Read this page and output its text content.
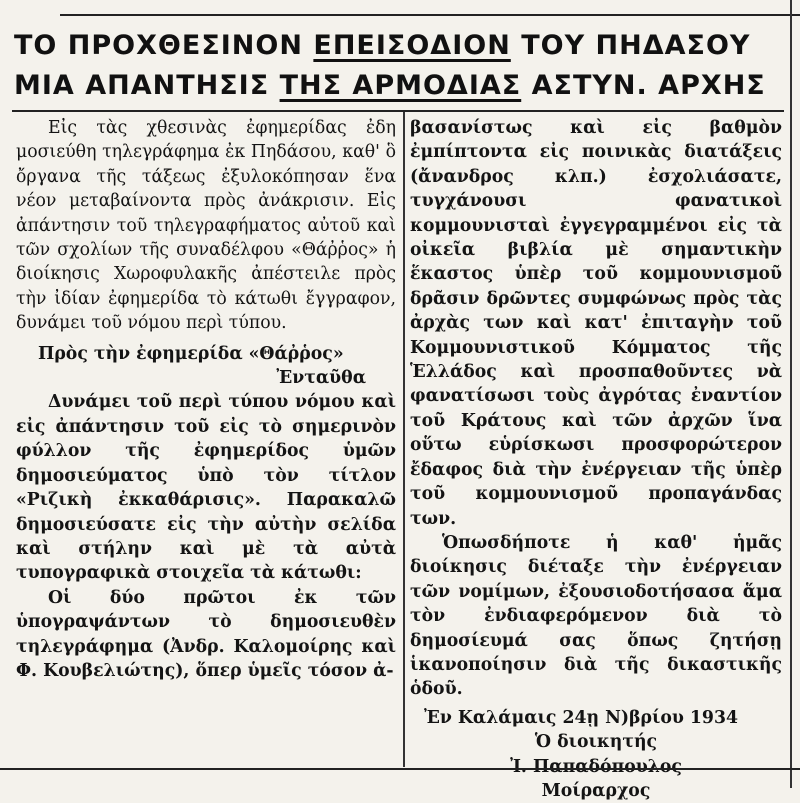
ΤΟ ΠΡΟΧΘΕΣΙΝΟΝ ΕΠΕΙΣΟΔΙΟΝ ΤΟΥ ΠΗΔΑΣΟΥ
ΜΙΑ ΑΠΑΝΤΗΣΙΣ ΤΗΣ ΑΡΜΟΔΙΑΣ ΑΣΤΥΝ. ΑΡΧΗΣ

Εἰς τὰς χθεσινὰς ἐφημερίδας ἐδη μοσιεύθη τηλεγράφημα ἐκ Πηδάσου, καθ' ὃ ὄργανα τῆς τάξεως ἐξυλοκόπησαν ἕνα νέον μεταβαίνοντα πρὸς ἀνάκρισιν. Εἰς ἀπάντησιν τοῦ τηλεγραφήματος αὐτοῦ καὶ τῶν σχολίων τῆς συναδέλφου «Θάῤῥος» ἡ διοίκησις Χωροφυλακῆς ἀπέστειλε πρὸς τὴν ἰδίαν ἐφημερίδα τὸ κάτωθι ἔγγραφον, δυνάμει τοῦ νόμου περὶ τύπου.

Πρὸς τὴν ἐφημερίδα «Θάῤῥος»

Ἐνταῦθα

Δυνάμει τοῦ περὶ τύπου νόμου καὶ εἰς ἀπάντησιν τοῦ εἰς τὸ σημερινὸν φύλλον τῆς ἐφημερίδος ὑμῶν δημοσιεύματος ὑπὸ τὸν τίτλον «Ριζικὴ ἐκκαθάρισις». Παρακαλῶ δημοσιεύσατε εἰς τὴν αὐτὴν σελίδα καὶ στήλην καὶ μὲ τὰ αὐτὰ τυπογραφικὰ στοιχεῖα τὰ κάτωθι:

Οἱ δύο πρῶτοι ἐκ τῶν ὑπογραψάντων τὸ δημοσιευθὲν τηλεγράφημα (Ἀνδρ. Καλομοίρης καὶ Φ. Κουβελιώτης), ὅπερ ὑμεῖς τόσον ἀ-

βασανίστως καὶ εἰς βαθμὸν ἐμπίπτοντα εἰς ποινικὰς διατάξεις (ἄνανδρος κλπ.) ἐσχολιάσατε, τυγχάνουσι φανατικοὶ κομμουνισταὶ ἐγγεγραμμένοι εἰς τὰ οἰκεῖα βιβλία μὲ σημαντικὴν ἕκαστος ὑπὲρ τοῦ κομμουνισμοῦ δρᾶσιν δρῶντες συμφώνως πρὸς τὰς ἀρχὰς των καὶ κατ' ἐπιταγὴν τοῦ Κομμουνιστικοῦ Κόμματος τῆς Ἑλλάδος καὶ προσπαθοῦντες νὰ φανατίσωσι τοὺς ἀγρότας ἐναντίον τοῦ Κράτους καὶ τῶν ἀρχῶν ἵνα οὕτω εὑρίσκωσι προσφορώτερον ἔδαφος διὰ τὴν ἐνέργειαν τῆς ὑπὲρ τοῦ κομμουνισμοῦ προπαγάνδας των.

Ὁπωσδήποτε ἡ καθ' ἡμᾶς διοίκησις διέταξε τὴν ἐνέργειαν τῶν νομίμων, ἐξουσιοδοτήσασα ἅμα τὸν ἐνδιαφερόμενον διὰ τὸ δημοσίευμά σας ὅπως ζητήσῃ ἱκανοποίησιν διὰ τῆς δικαστικῆς ὁδοῦ.

Ἐν Καλάμαις 24ῃ Ν)βρίου 1934

Ὁ διοικητής

Ἰ. Παπαδόπουλος

Μοίραρχος
